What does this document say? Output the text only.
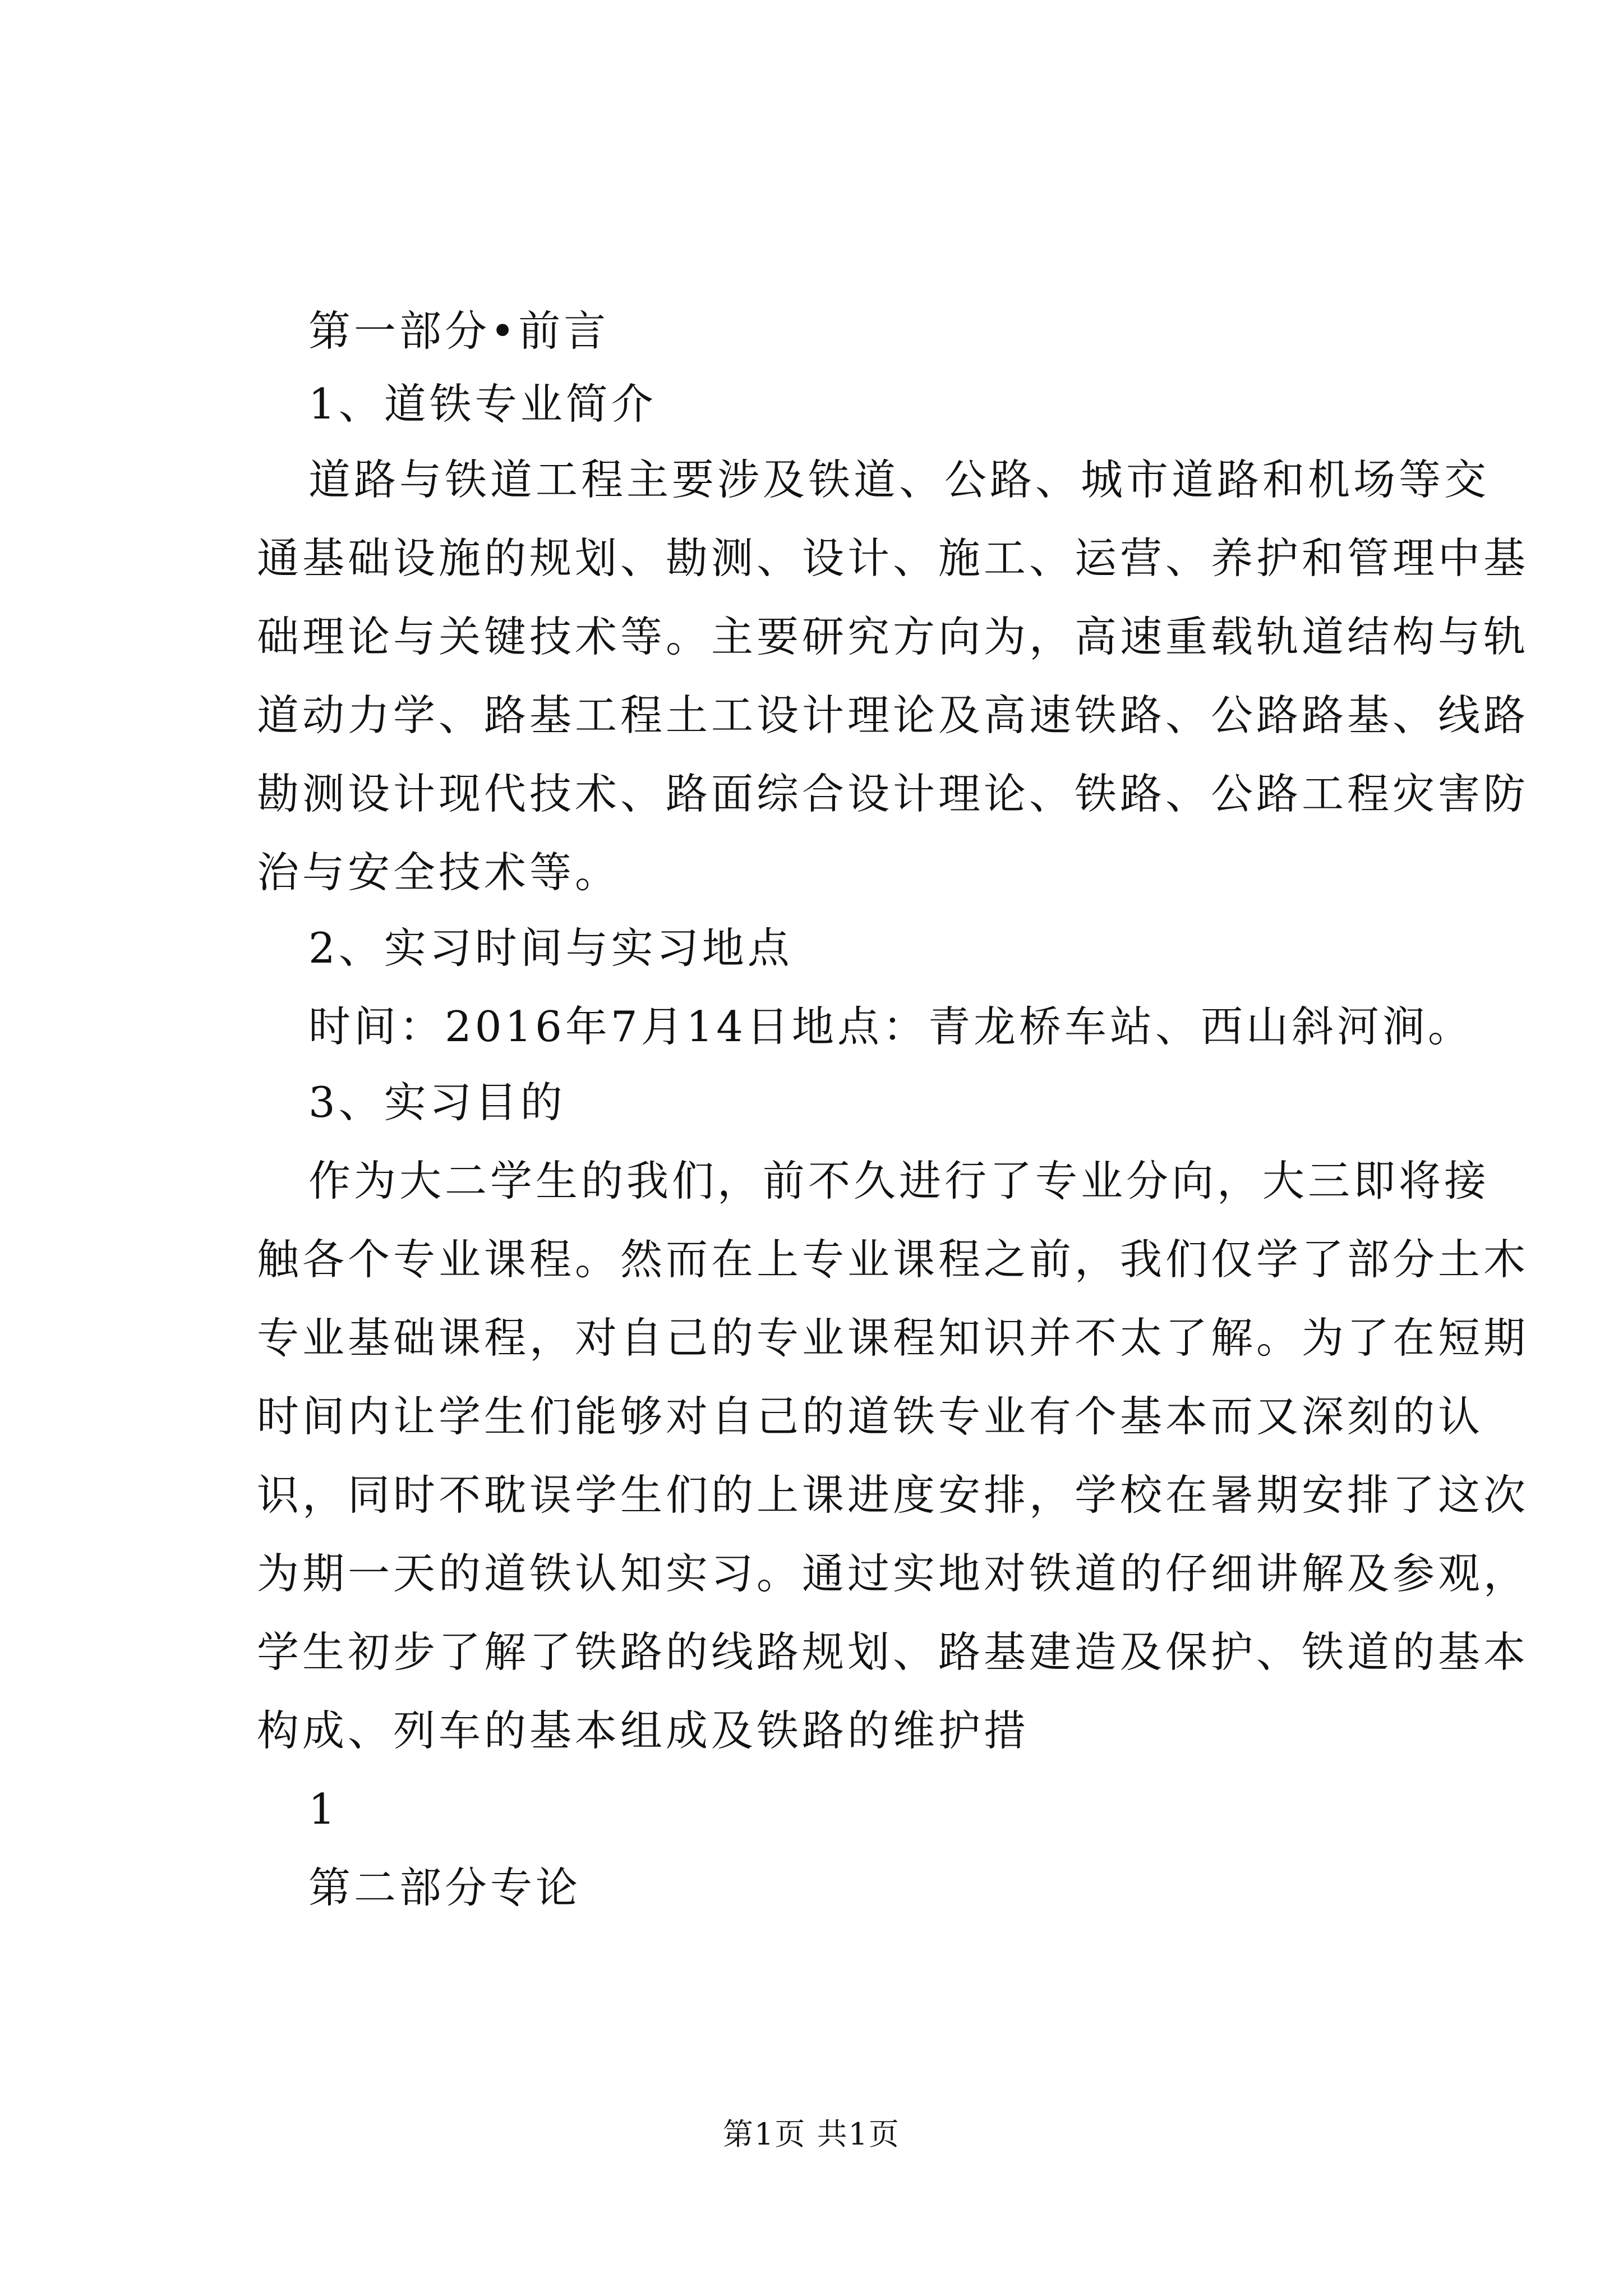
第一部分•前言
1、道铁专业简介
道路与铁道工程主要涉及铁道、公路、城市道路和机场等交
通基础设施的规划、勘测、设计、施工、运营、养护和管理中基
础理论与关键技术等。主要研究方向为，高速重载轨道结构与轨
道动力学、路基工程土工设计理论及高速铁路、公路路基、线路
勘测设计现代技术、路面综合设计理论、铁路、公路工程灾害防
治与安全技术等。
2、实习时间与实习地点
时间：2016年7月14日地点：青龙桥车站、西山斜河涧。
3、实习目的
作为大二学生的我们，前不久进行了专业分向，大三即将接
触各个专业课程。然而在上专业课程之前，我们仅学了部分土木
专业基础课程，对自己的专业课程知识并不太了解。为了在短期
时间内让学生们能够对自己的道铁专业有个基本而又深刻的认
识，同时不耽误学生们的上课进度安排，学校在暑期安排了这次
为期一天的道铁认知实习。通过实地对铁道的仔细讲解及参观，
学生初步了解了铁路的线路规划、路基建造及保护、铁道的基本
构成、列车的基本组成及铁路的维护措
1
第二部分专论
第1页 共1页
